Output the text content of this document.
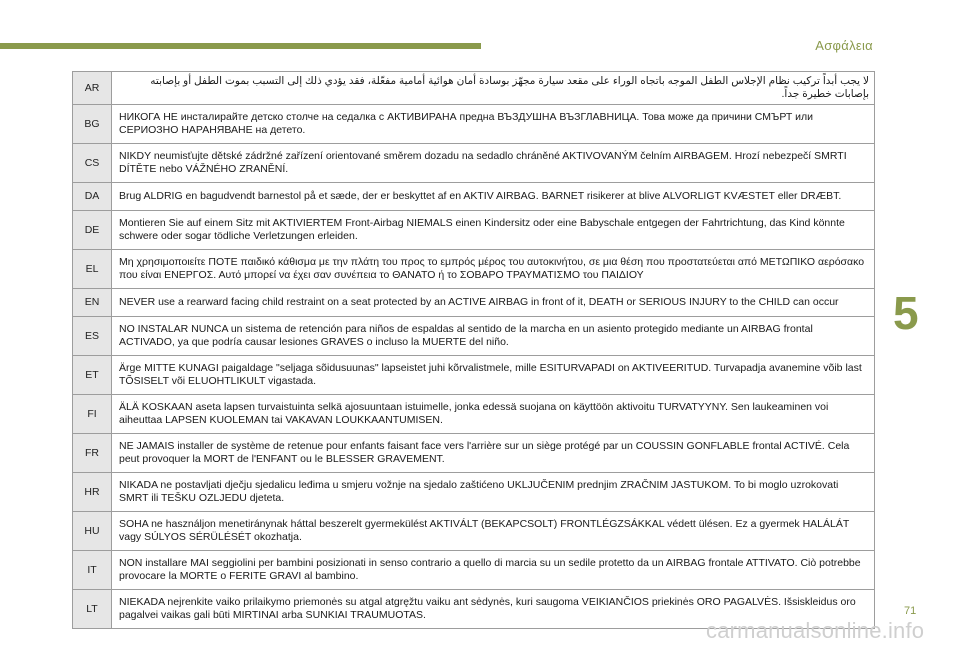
Ασφάλεια
5
AR	لا يجب أبداً تركيب نظام الإجلاس الطفل الموجه باتجاه الوراء على مقعد سيارة مجهّز بوسادة أمان هوائية أمامية مفعّلة، فقد يؤدي ذلك إلى التسبب بموت الطفل أو بإصابته بإصابات خطيرة جداً.
BG	НИКОГА НЕ инсталирайте детско столче на седалка с АКТИВИРАНА предна ВЪЗДУШНА ВЪЗГЛАВНИЦА. Това може да причини СМЪРТ или СЕРИОЗНО НАРАНЯВАНЕ на детето.
CS	NIKDY neumisťujte dětské zádržné zařízení orientované směrem dozadu na sedadlo chráněné AKTIVOVANÝM čelním AIRBAGEM. Hrozí nebezpečí SMRTI DÍTĚTE nebo VÁŽNÉHO ZRANĚNÍ.
DA	Brug ALDRIG en bagudvendt barnestol på et sæde, der er beskyttet af en AKTIV AIRBAG. BARNET risikerer at blive ALVORLIGT KVÆSTET eller DRÆBT.
DE	Montieren Sie auf einem Sitz mit AKTIVIERTEM Front-Airbag NIEMALS einen Kindersitz oder eine Babyschale entgegen der Fahrtrichtung, das Kind könnte schwere oder sogar tödliche Verletzungen erleiden.
EL	Μη χρησιμοποιείτε ΠΟΤΕ παιδικό κάθισμα με την πλάτη του προς το εμπρός μέρος του αυτοκινήτου, σε μια θέση που προστατεύεται από ΜΕΤΩΠΙΚΟ αερόσακο που είναι ΕΝΕΡΓΟΣ. Αυτό μπορεί να έχει σαν συνέπεια το ΘΑΝΑΤΟ ή το ΣΟΒΑΡΟ ΤΡΑΥΜΑΤΙΣΜΟ του ΠΑΙΔΙΟΥ
EN	NEVER use a rearward facing child restraint on a seat protected by an ACTIVE AIRBAG in front of it, DEATH or SERIOUS INJURY to the CHILD can occur
ES	NO INSTALAR NUNCA un sistema de retención para niños de espaldas al sentido de la marcha en un asiento protegido mediante un AIRBAG frontal ACTIVADO, ya que podría causar lesiones GRAVES o incluso la MUERTE del niño.
ET	Ärge MITTE KUNAGI paigaldage "seljaga sõidusuunas" lapseistet juhi kõrvalistmele, mille ESITURVAPADI on AKTIVEERITUD. Turvapadja avanemine võib last TÕSISELT või ELUOHTLIKULT vigastada.
FI	ÄLÄ KOSKAAN aseta lapsen turvaistuinta selkä ajosuuntaan istuimelle, jonka edessä suojana on käyttöön aktivoitu TURVATYYNY. Sen laukeaminen voi aiheuttaa LAPSEN KUOLEMAN tai VAKAVAN LOUKKAANTUMISEN.
FR	NE JAMAIS installer de système de retenue pour enfants faisant face vers l'arrière sur un siège protégé par un COUSSIN GONFLABLE frontal ACTIVÉ. Cela peut provoquer la MORT de l'ENFANT ou le BLESSER GRAVEMENT.
HR	NIKADA ne postavljati dječju sjedalicu leđima u smjeru vožnje na sjedalo zaštićeno UKLJUČENIM prednjim ZRAČNIM JASTUKOM. To bi moglo uzrokovati SMRT ili TEŠKU OZLJEDU djeteta.
HU	SOHA ne használjon menetiránynak háttal beszerelt gyermekülést AKTIVÁLT (BEKAPCSOLT) FRONTLÉGZSÁKKAL védett ülésen. Ez a gyermek HALÁLÁT vagy SÚLYOS SÉRÜLÉSÉT okozhatja.
IT	NON installare MAI seggiolini per bambini posizionati in senso contrario a quello di marcia su un sedile protetto da un AIRBAG frontale ATTIVATO. Ciò potrebbe provocare la MORTE o FERITE GRAVI al bambino.
LT	NIEKADA nejrenkite vaiko prilaikymo priemonės su atgal atgręžtu vaiku ant sėdynės, kuri saugoma VEIKIANČIOS priekinės ORO PAGALVĖS. Išsiskleidus oro pagalvei vaikas gali būti MIRTINAI arba SUNKIAI TRAUMUOTAS.	71
carmanualsonline.info
